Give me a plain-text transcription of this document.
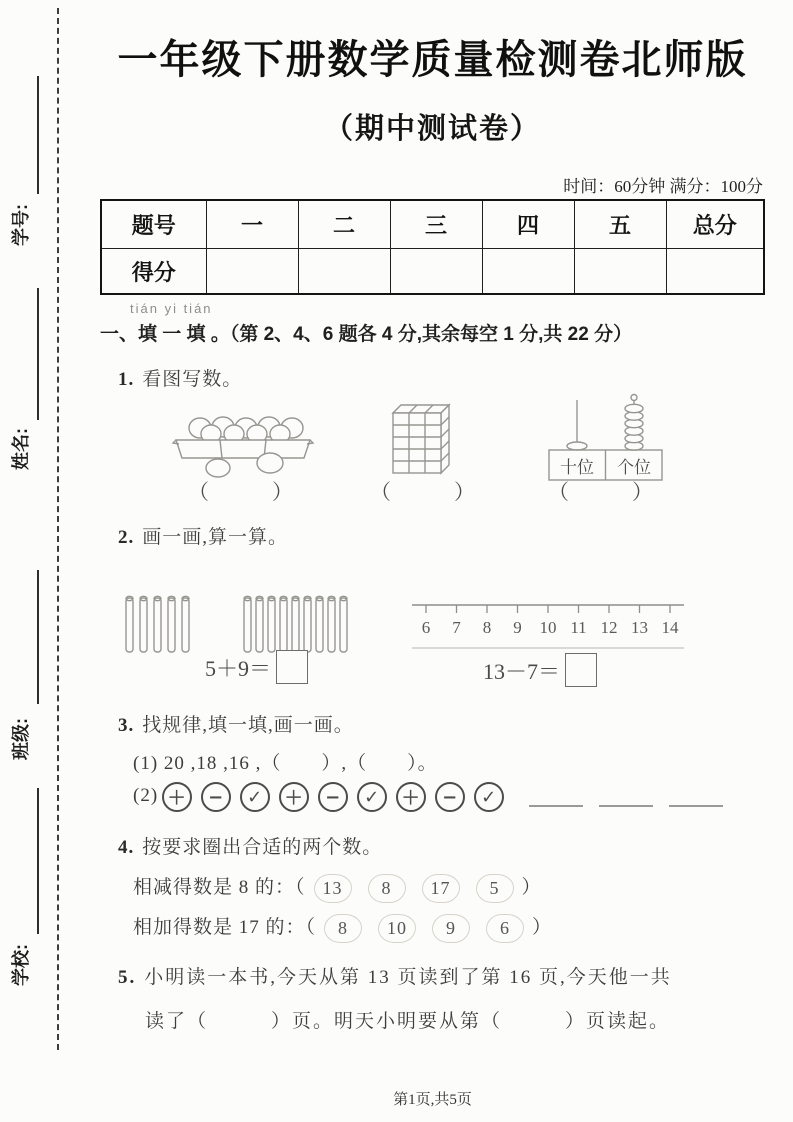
学号:
姓名:
班级:
学校:
一年级下册数学质量检测卷北师版
（期中测试卷）
时间：60分钟 满分：100分
题号	一	二	三	四	五	总分
得分						
tián yi tián
一、填 一 填 。（第 2、4、6 题各 4 分,其余每空 1 分,共 22 分）
1. 看图写数。
十位 个位
（　　　）	（　　　）	（　　　）
2. 画一画,算一算。
6 7 8 9 10 11 12 13 14
5＋9＝	13－7＝
3. 找规律,填一填,画一画。
(1) 20 ,18 ,16 ,（　　）,（　　）。
(2) ＋ − ✓ ＋ − ✓ ＋ − ✓
4. 按要求圈出合适的两个数。
相减得数是 8 的：（ 13 8 17 5 ）
相加得数是 17 的：（ 8 10 9 6 ）
5. 小明读一本书,今天从第 13 页读到了第 16 页,今天他一共
读了（　　　）页。明天小明要从第（　　　）页读起。
第1页,共5页
